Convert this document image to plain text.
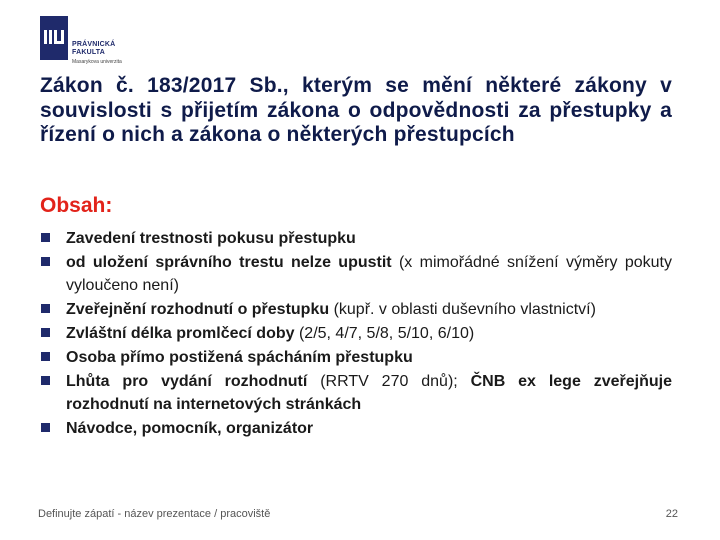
PRÁVNICKÁ
FAKULTA
Masarykova univerzita
Zákon č. 183/2017 Sb., kterým se mění některé zákony v souvislosti s přijetím zákona o odpovědnosti za přestupky a řízení o nich a zákona o některých přestupcích
Obsah:
Zavedení trestnosti pokusu přestupku
od uložení správního trestu nelze upustit (x mimořádné snížení výměry pokuty vyloučeno není)
Zveřejnění rozhodnutí o přestupku (kupř. v oblasti duševního vlastnictví)
Zvláštní délka promlčecí doby (2/5, 4/7, 5/8, 5/10, 6/10)
Osoba přímo postižená spácháním přestupku
Lhůta pro vydání rozhodnutí (RRTV 270 dnů); ČNB ex lege zveřejňuje rozhodnutí na internetových stránkách
Návodce, pomocník, organizátor
Definujte zápatí - název prezentace / pracoviště	22
